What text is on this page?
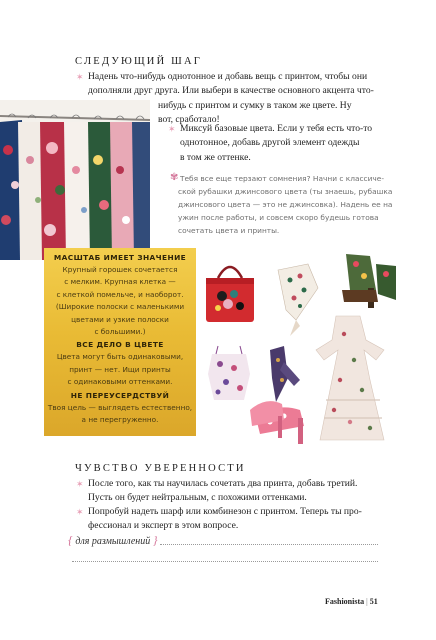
СЛЕДУЮЩИЙ ШАГ
✶ Надень что-нибудь однотонное и добавь вещь с принтом, чтобы они
дополняли друг друга. Или выбери в качестве основного акцента что-
нибудь с принтом и сумку в таком же цвете. Ну
вот, сработало!
✶ Миксуй базовые цвета. Если у тебя есть что-то
однотонное, добавь другой элемент одежды
в том же оттенке.
✾ Тебя все еще терзают сомнения? Начни с классиче-
ской рубашки джинсового цвета (ты знаешь, рубашка
джинсового цвета — это не джинсовка). Надень ее на
ужин после работы, и совсем скоро будешь готова
сочетать цвета и принты.
МАСШТАБ ИМЕЕТ ЗНАЧЕНИЕ
Крупный горошек сочетается
с мелким. Крупная клетка —
с клеткой помельче, и наоборот.
(Широкие полоски с маленькими
цветами и узкие полоски
с большими.)
ВСЕ ДЕЛО В ЦВЕТЕ
Цвета могут быть одинаковыми,
принт — нет. Ищи принты
с одинаковыми оттенками.
НЕ ПЕРЕУСЕРДСТВУЙ
Твоя цель — выглядеть естественно,
а не перегруженно.
ЧУВСТВО УВЕРЕННОСТИ
✶ После того, как ты научилась сочетать два принта, добавь третий.
Пусть он будет нейтральным, с похожими оттенками.
✶ Попробуй надеть шарф или комбинезон с принтом. Теперь ты про-
фессионал и эксперт в этом вопросе.
{ для размышлений }
Fashionista | 51
